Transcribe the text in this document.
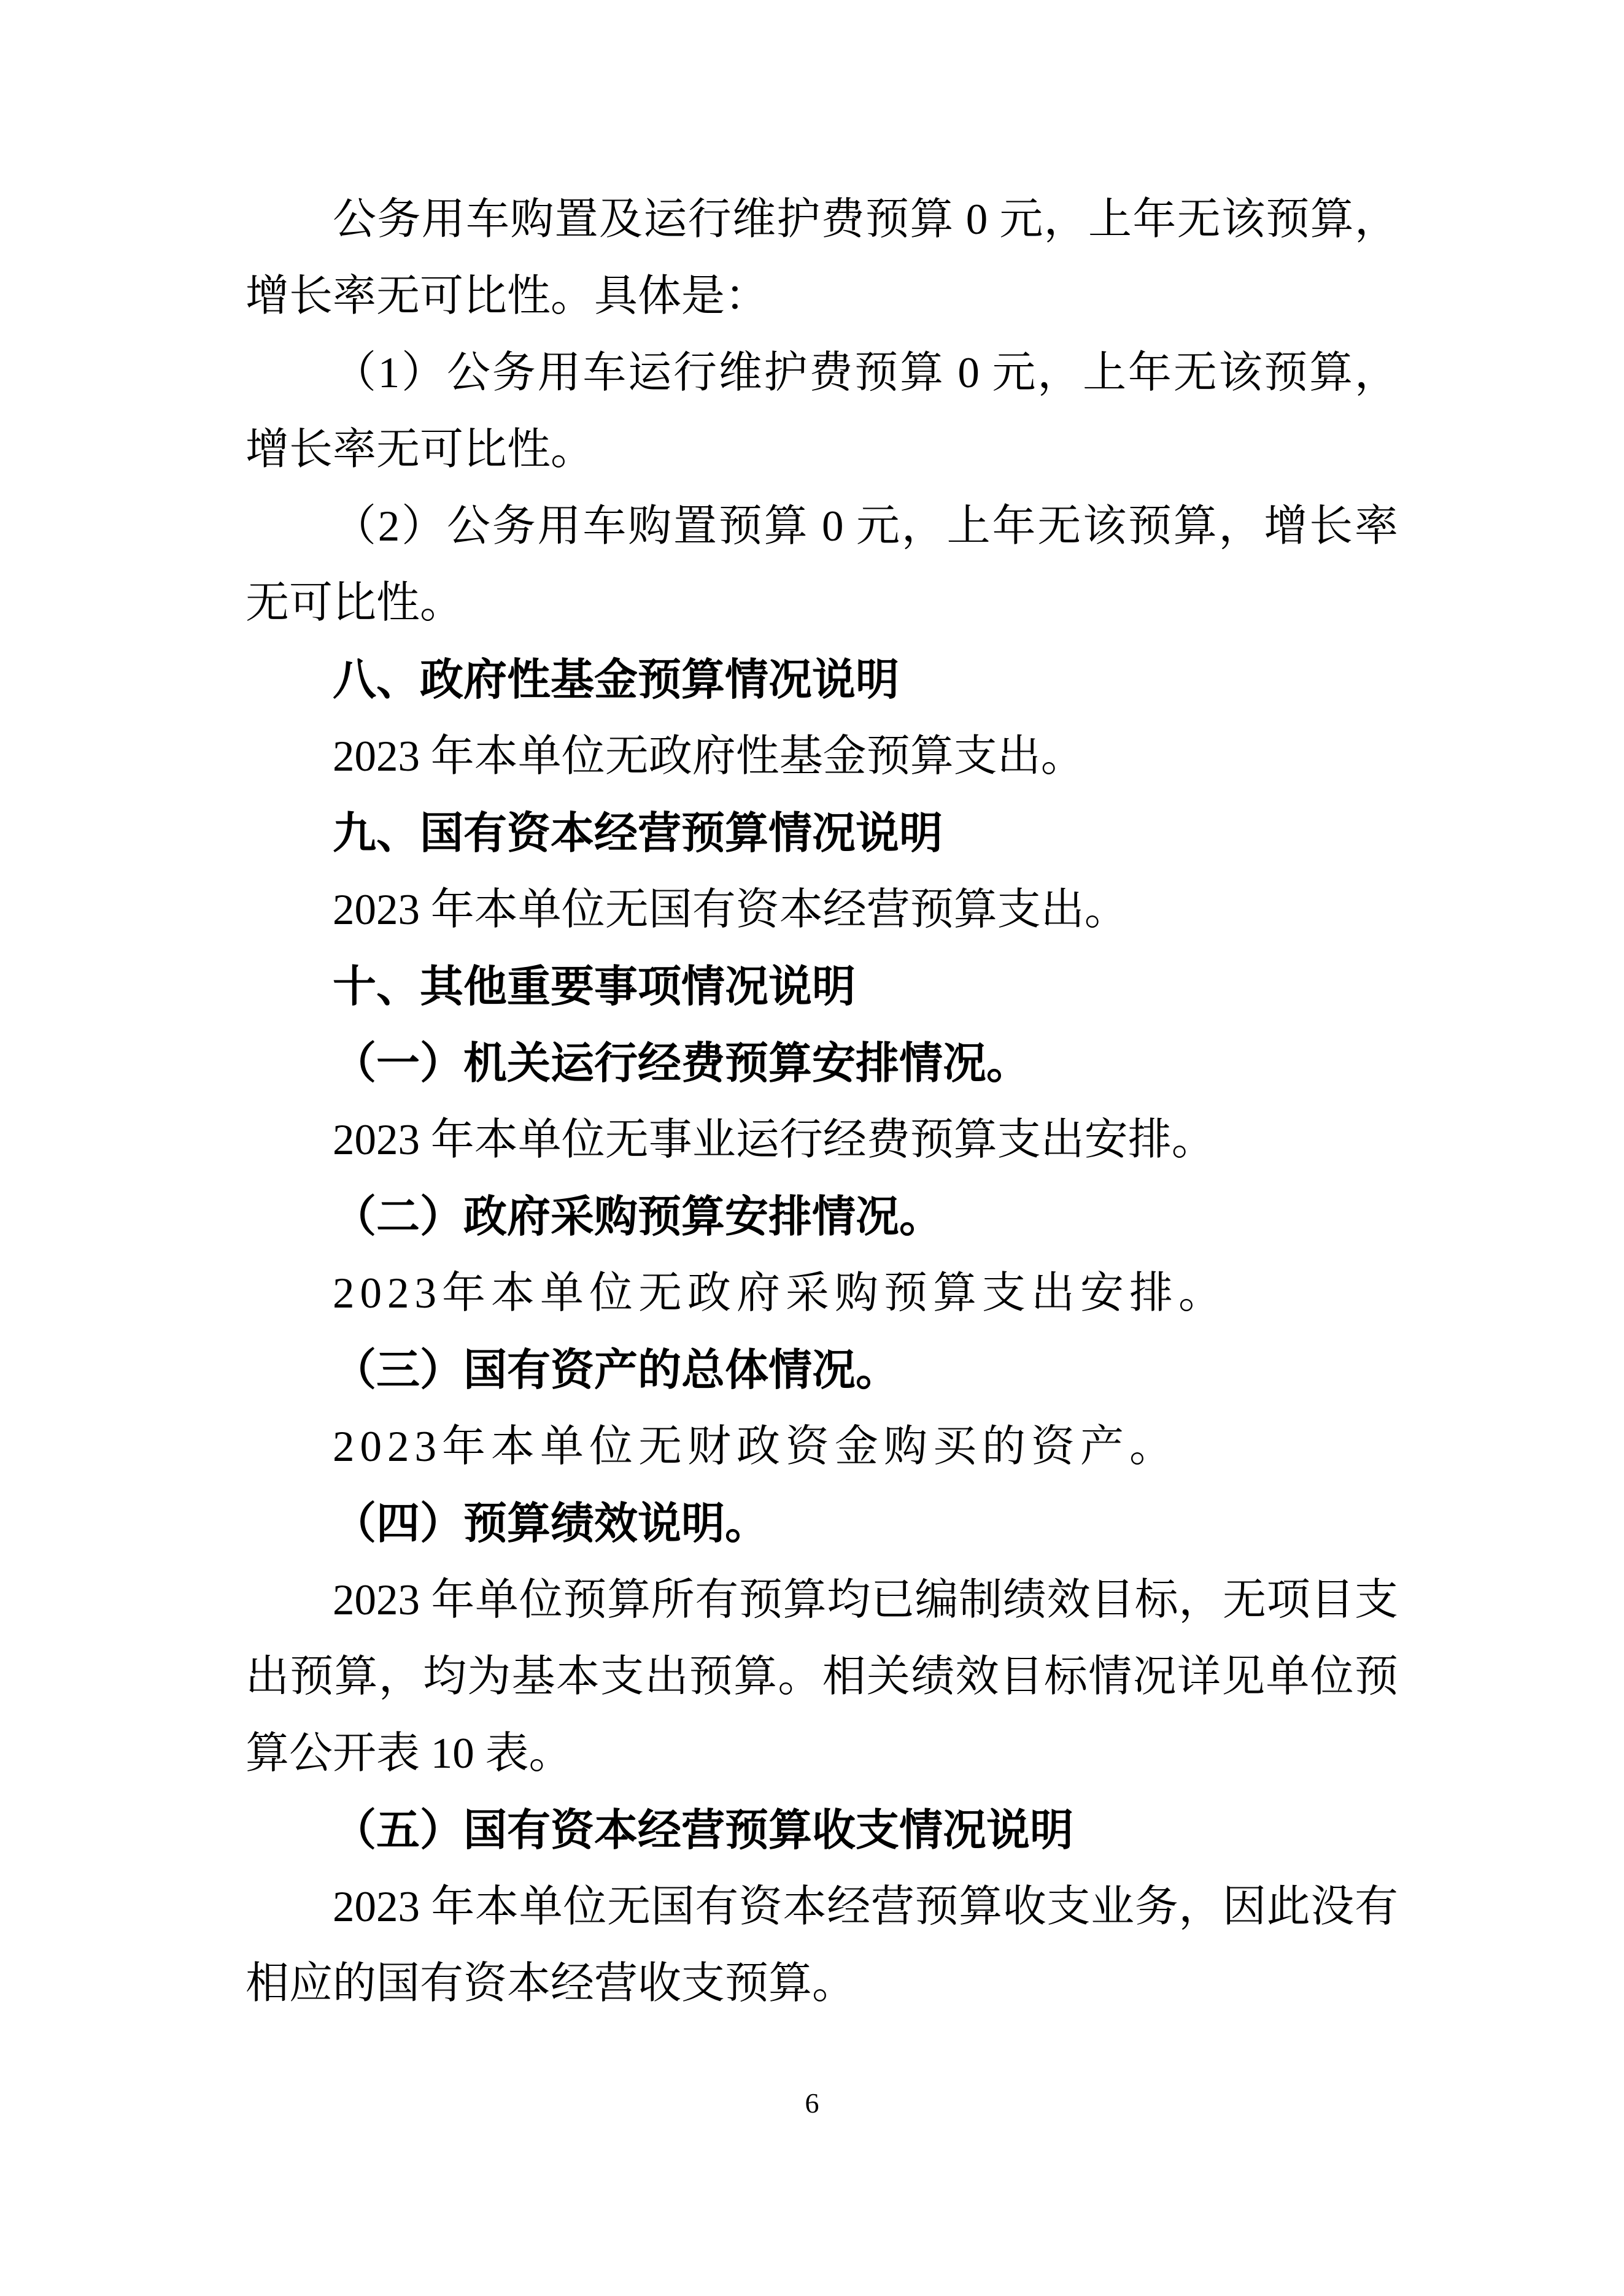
公务用车购置及运行维护费预算 0 元，上年无该预算，增长率无可比性。具体是：

（1）公务用车运行维护费预算 0 元，上年无该预算，增长率无可比性。

（2）公务用车购置预算 0 元，上年无该预算，增长率无可比性。

八、政府性基金预算情况说明

2023 年本单位无政府性基金预算支出。

九、国有资本经营预算情况说明

2023 年本单位无国有资本经营预算支出。

十、其他重要事项情况说明

（一）机关运行经费预算安排情况。

2023 年本单位无事业运行经费预算支出安排。

（二）政府采购预算安排情况。

2023年本单位无政府采购预算支出安排。

（三）国有资产的总体情况。

2023年本单位无财政资金购买的资产。

（四）预算绩效说明。

2023 年单位预算所有预算均已编制绩效目标，无项目支出预算，均为基本支出预算。相关绩效目标情况详见单位预算公开表 10 表。

（五）国有资本经营预算收支情况说明

2023 年本单位无国有资本经营预算收支业务，因此没有相应的国有资本经营收支预算。

6
